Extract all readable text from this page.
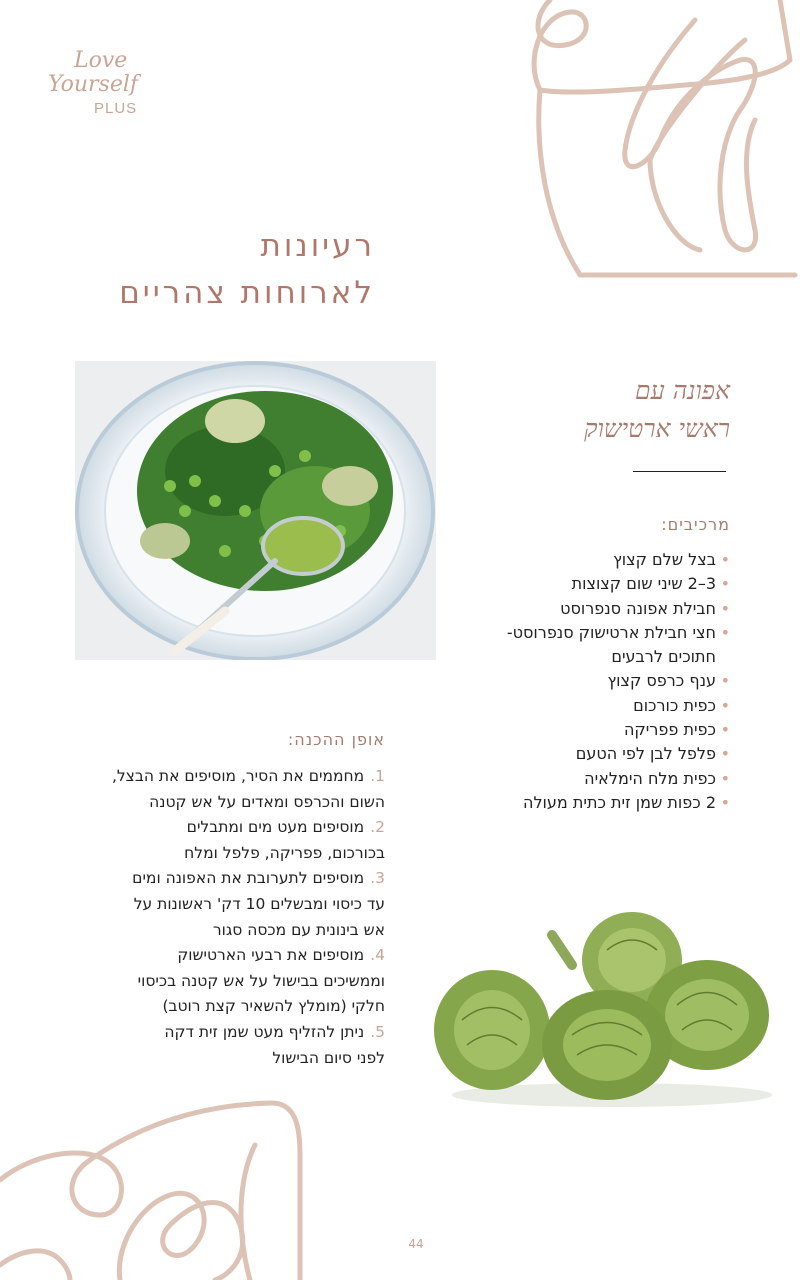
Love
Yourself
PLUS
רעיונות
לארוחות צהריים
אפונה עם
ראשי ארטישוק
מרכיבים:
• בצל שלם קצוץ
• 3–2 שיני שום קצוצות
• חבילת אפונה סנפרוסט
• חצי חבילת ארטישוק סנפרוסט-
חתוכים לרבעים
• ענף כרפס קצוץ
• כפית כורכום
• כפית פפריקה
• פלפל לבן לפי הטעם
• כפית מלח הימלאיה
• 2 כפות שמן זית כתית מעולה
אופן ההכנה:
1.מחממים את הסיר, מוסיפים את הבצל,
השום והכרפס ומאדים על אש קטנה
2.מוסיפים מעט מים ומתבלים
בכורכום, פפריקה, פלפל ומלח
3.מוסיפים לתערובת את האפונה ומים
עד כיסוי ומבשלים 10 דק' ראשונות על
אש בינונית עם מכסה סגור
4.מוסיפים את רבעי הארטישוק
וממשיכים בבישול על אש קטנה בכיסוי
חלקי (מומלץ להשאיר קצת רוטב)
5.ניתן להזליף מעט שמן זית דקה
לפני סיום הבישול
44
